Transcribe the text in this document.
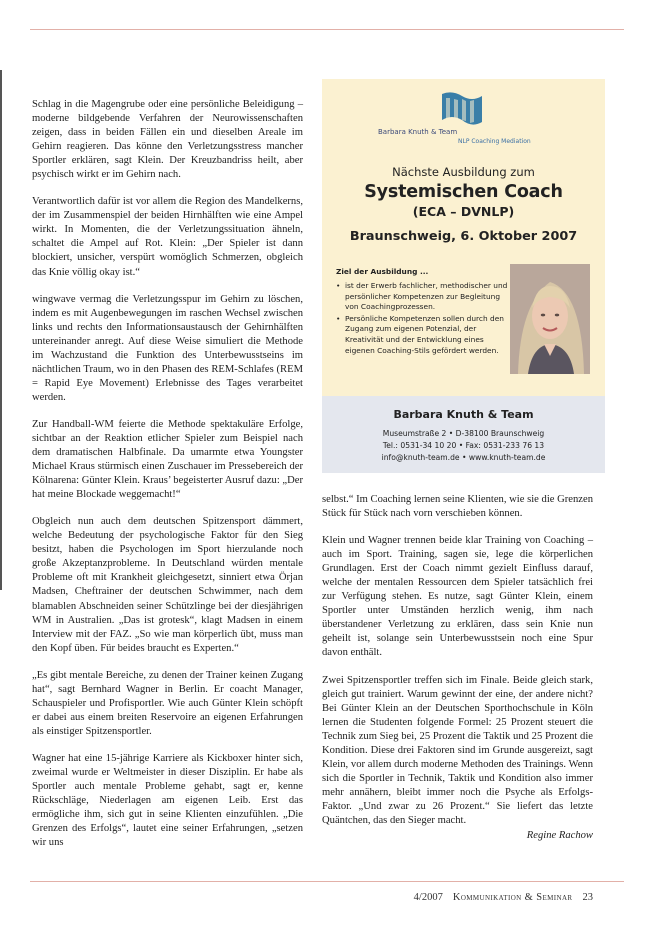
Schlag in die Magengrube oder eine persönliche Beleidigung – moderne bildgebende Verfahren der Neurowissenschaften zeigen, dass in beiden Fällen ein und dieselben Areale im Gehirn reagieren. Das könne den Verletzungsstress mancher Sportler erklären, sagt Klein. Der Kreuzbandriss heilt, aber psychisch wirkt er im Gehirn nach.

Verantwortlich dafür ist vor allem die Region des Mandelkerns, der im Zusammenspiel der beiden Hirnhälften wie eine Ampel wirkt. In Momenten, die der Verletzungssituation ähneln, schaltet die Ampel auf Rot. Klein: „Der Spieler ist dann blockiert, unsicher, verspürt womöglich Schmerzen, obgleich das Knie völlig okay ist.“

wingwave vermag die Verletzungsspur im Gehirn zu löschen, indem es mit Augenbewegungen im raschen Wechsel zwischen links und rechts den Informationsaustausch der Gehirnhälften untereinander anregt. Auf diese Weise simuliert die Methode im Wachzustand die Funktion des Unterbewusstseins im nächtlichen Traum, wo in den Phasen des REM-Schlafes (REM = Rapid Eye Movement) Erlebnisse des Tages verarbeitet werden.

Zur Handball-WM feierte die Methode spektakuläre Erfolge, sichtbar an der Reaktion etlicher Spieler zum Beispiel nach dem dramatischen Halbfinale. Da umarmte etwa Youngster Michael Kraus stürmisch einen Zuschauer im Pressebereich der Kölnarena: Günter Klein. Kraus’ begeisterter Ausruf dazu: „Der hat meine Blockade weggemacht!“

Obgleich nun auch dem deutschen Spitzensport dämmert, welche Bedeutung der psychologische Faktor für den Sieg besitzt, haben die Psychologen im Sport hierzulande noch große Akzeptanzprobleme. In Deutschland würden mentale Probleme oft mit Krankheit gleichgesetzt, sinniert etwa Örjan Madsen, Cheftrainer der deutschen Schwimmer, nach dem blamablen Abschneiden seiner Schützlinge bei der diesjährigen WM in Australien. „Das ist grotesk“, klagt Madsen in einem Interview mit der FAZ. „So wie man körperlich übt, muss man den Kopf üben. Für beides braucht es Experten.“

„Es gibt mentale Bereiche, zu denen der Trainer keinen Zugang hat“, sagt Bernhard Wagner in Berlin. Er coacht Manager, Schauspieler und Profisportler. Wie auch Günter Klein schöpft er dabei aus einem breiten Reservoire an eigenen Erfahrungen als einstiger Spitzensportler.

Wagner hat eine 15-jährige Karriere als Kickboxer hinter sich, zweimal wurde er Weltmeister in dieser Disziplin. Er habe als Sportler auch mentale Probleme gehabt, sagt er, kenne Rückschläge, Niederlagen am eigenen Leib. Erst das ermögliche ihm, sich gut in seine Klienten einzufühlen. „Die Grenzen des Erfolgs“, lautet eine seiner Erfahrungen, „setzen wir uns

Barbara Knuth & Team
NLP Coaching Mediation
Nächste Ausbildung zum
Systemischen Coach
(ECA – DVNLP)
Braunschweig, 6. Oktober 2007
Ziel der Ausbildung ...
• ist der Erwerb fachlicher, methodischer und persönlicher Kompetenzen zur Begleitung von Coachingprozessen.
• Persönliche Kompetenzen sollen durch den Zugang zum eigenen Potenzial, der Kreativität und der Entwicklung eines eigenen Coaching-Stils gefördert werden.
Barbara Knuth & Team
Museumstraße 2 • D-38100 Braunschweig
Tel.: 0531-34 10 20 • Fax: 0531-233 76 13
info@knuth-team.de • www.knuth-team.de

selbst.“ Im Coaching lernen seine Klienten, wie sie die Grenzen Stück für Stück nach vorn verschieben können.

Klein und Wagner trennen beide klar Training von Coaching – auch im Sport. Training, sagen sie, lege die körperlichen Grundlagen. Erst der Coach nimmt gezielt Einfluss darauf, welche der mentalen Ressourcen dem Spieler tatsächlich frei zur Verfügung stehen. Es nutze, sagt Günter Klein, einem Sportler unter Umständen herzlich wenig, ihm nach überstandener Verletzung zu erklären, dass sein Knie nun geheilt ist, solange sein Unterbewusstsein noch eine Spur davon enthält.

Zwei Spitzensportler treffen sich im Finale. Beide gleich stark, gleich gut trainiert. Warum gewinnt der eine, der andere nicht? Bei Günter Klein an der Deutschen Sporthochschule in Köln lernen die Studenten folgende Formel: 25 Prozent steuert die Technik zum Sieg bei, 25 Prozent die Taktik und 25 Prozent die Kondition. Diese drei Faktoren sind im Grunde ausgereizt, sagt Klein, vor allem durch moderne Methoden des Trainings. Wenn sich die Sportler in Technik, Taktik und Kondition also immer mehr annähern, bleibt immer noch die Psyche als Erfolgs-Faktor. „Und zwar zu 26 Prozent.“ Sie liefert das letzte Quäntchen, das den Sieger macht.

Regine Rachow
4/2007 Kommunikation & Seminar 23
